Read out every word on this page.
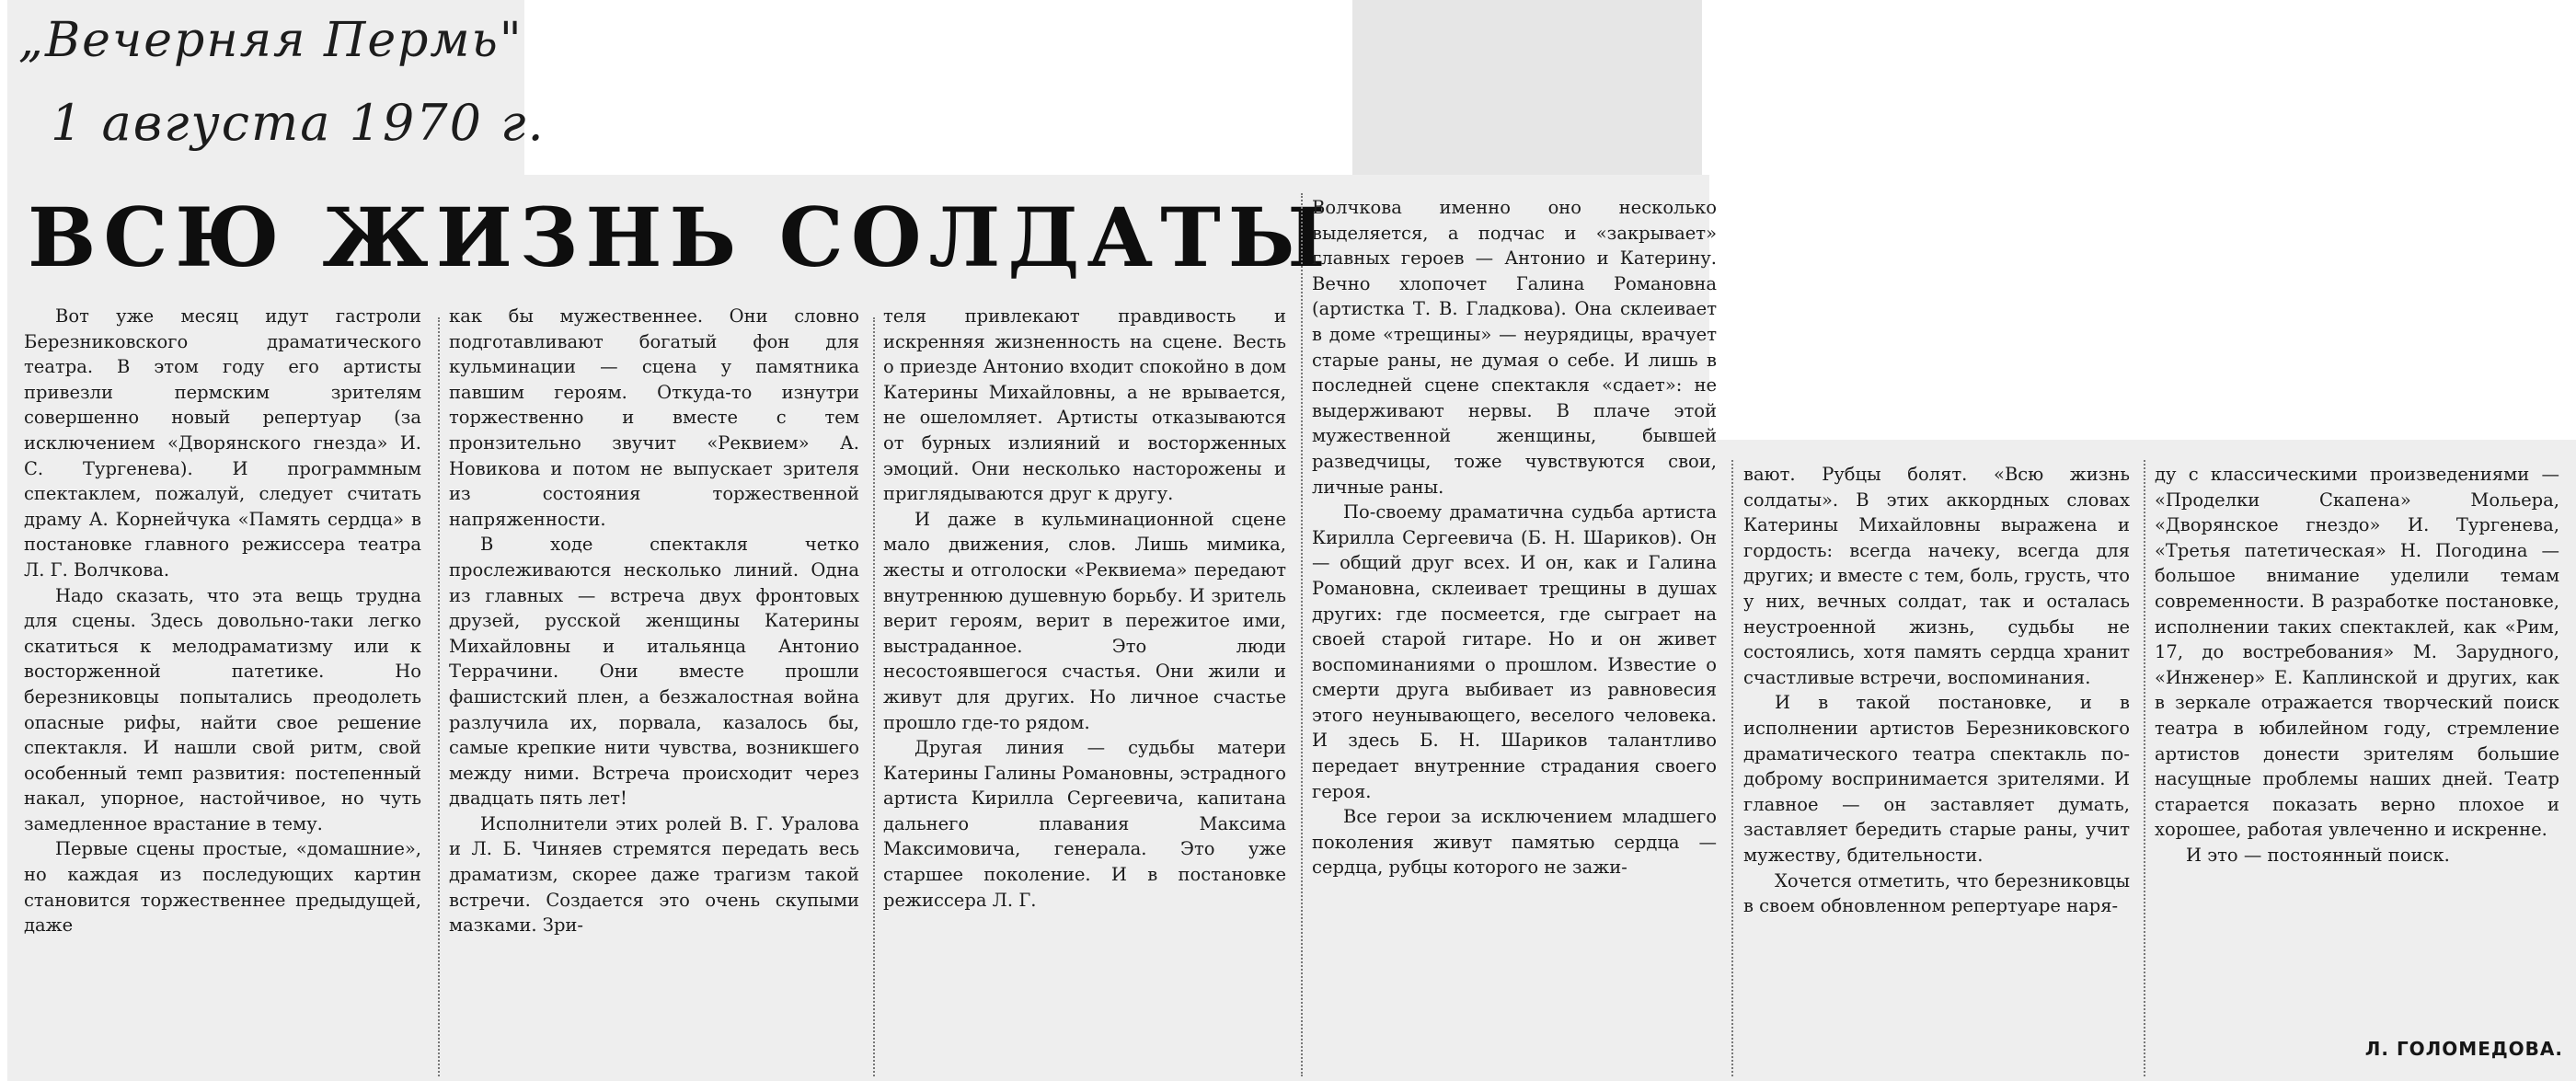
„Вечерняя Пермь"
1 августа 1970 г.
ВСЮ ЖИЗНЬ СОЛДАТЫ

Вот уже месяц идут гастроли Березниковского драматического театра. В этом году его артисты привезли пермским зрителям совершенно новый репертуар (за исключением «Дворянского гнезда» И. С. Тургенева). И программным спектаклем, пожалуй, следует считать драму А. Корнейчука «Память сердца» в постановке главного режиссера театра Л. Г. Волчкова.

Надо сказать, что эта вещь трудна для сцены. Здесь довольно-таки легко скатиться к мелодраматизму или к восторженной патетике. Но березниковцы попытались преодолеть опасные рифы, найти свое решение спектакля. И нашли свой ритм, свой особенный темп развития: постепенный накал, упорное, настойчивое, но чуть замедленное врастание в тему.

Первые сцены простые, «домашние», но каждая из последующих картин становится торжественнее предыдущей, даже

как бы мужественнее. Они словно подготавливают богатый фон для кульминации — сцена у памятника павшим героям. Откуда-то изнутри торжественно и вместе с тем пронзительно звучит «Реквием» А. Новикова и потом не выпускает зрителя из состояния торжественной напряженности.

В ходе спектакля четко прослеживаются несколько линий. Одна из главных — встреча двух фронтовых друзей, русской женщины Катерины Михайловны и итальянца Антонио Террачини. Они вместе прошли фашистский плен, а безжалостная война разлучила их, порвала, казалось бы, самые крепкие нити чувства, возникшего между ними. Встреча происходит через двадцать пять лет!

Исполнители этих ролей В. Г. Уралова и Л. Б. Чиняев стремятся передать весь драматизм, скорее даже трагизм такой встречи. Создается это очень скупыми мазками. Зри-

теля привлекают правдивость и искренняя жизненность на сцене. Весть о приезде Антонио входит спокойно в дом Катерины Михайловны, а не врывается, не ошеломляет. Артисты отказываются от бурных излияний и восторженных эмоций. Они несколько насторожены и приглядываются друг к другу.

И даже в кульминационной сцене мало движения, слов. Лишь мимика, жесты и отголоски «Реквиема» передают внутреннюю душевную борьбу. И зритель верит героям, верит в пережитое ими, выстраданное. Это люди несостоявшегося счастья. Они жили и живут для других. Но личное счастье прошло где-то рядом.

Другая линия — судьбы матери Катерины Галины Романовны, эстрадного артиста Кирилла Сергеевича, капитана дальнего плавания Максима Максимовича, генерала. Это уже старшее поколение. И в постановке режиссера Л. Г.

Волчкова именно оно несколько выделяется, а подчас и «закрывает» главных героев — Антонио и Катерину. Вечно хлопочет Галина Романовна (артистка Т. В. Гладкова). Она склеивает в доме «трещины» — неурядицы, врачует старые раны, не думая о себе. И лишь в последней сцене спектакля «сдает»: не выдерживают нервы. В плаче этой мужественной женщины, бывшей разведчицы, тоже чувствуются свои, личные раны.

По-своему драматична судьба артиста Кирилла Сергеевича (Б. Н. Шариков). Он — общий друг всех. И он, как и Галина Романовна, склеивает трещины в душах других: где посмеется, где сыграет на своей старой гитаре. Но и он живет воспоминаниями о прошлом. Известие о смерти друга выбивает из равновесия этого неунывающего, веселого человека. И здесь Б. Н. Шариков талантливо передает внутренние страдания своего героя.

Все герои за исключением младшего поколения живут памятью сердца — сердца, рубцы которого не зажи-

вают. Рубцы болят. «Всю жизнь солдаты». В этих аккордных словах Катерины Михайловны выражена и гордость: всегда начеку, всегда для других; и вместе с тем, боль, грусть, что у них, вечных солдат, так и осталась неустроенной жизнь, судьбы не состоялись, хотя память сердца хранит счастливые встречи, воспоминания.

И в такой постановке, и в исполнении артистов Березниковского драматического театра спектакль по-доброму воспринимается зрителями. И главное — он заставляет думать, заставляет бередить старые раны, учит мужеству, бдительности.

Хочется отметить, что березниковцы в своем обновленном репертуаре наря-

ду с классическими произведениями — «Проделки Скапена» Мольера, «Дворянское гнездо» И. Тургенева, «Третья патетическая» Н. Погодина — большое внимание уделили темам современности. В разработке постановке, исполнении таких спектаклей, как «Рим, 17, до востребования» М. Зарудного, «Инженер» Е. Каплинской и других, как в зеркале отражается творческий поиск театра в юбилейном году, стремление артистов донести зрителям большие насущные проблемы наших дней. Театр старается показать верно плохое и хорошее, работая увлеченно и искренне.

И это — постоянный поиск.

Л. ГОЛОМЕДОВА.
